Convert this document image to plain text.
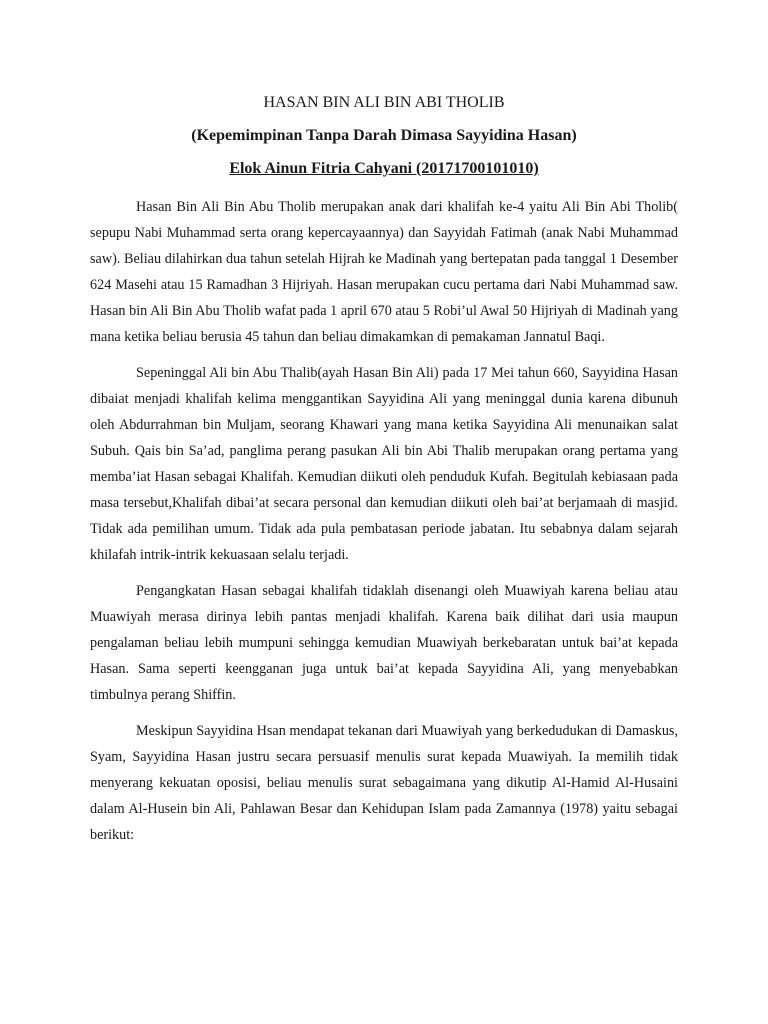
HASAN BIN ALI BIN ABI THOLIB

(Kepemimpinan Tanpa Darah Dimasa Sayyidina Hasan)

Elok Ainun Fitria Cahyani (20171700101010)

Hasan Bin Ali Bin Abu Tholib merupakan anak dari khalifah ke-4 yaitu Ali Bin Abi Tholib( sepupu Nabi Muhammad serta orang kepercayaannya) dan Sayyidah Fatimah (anak Nabi Muhammad saw). Beliau dilahirkan dua tahun setelah Hijrah ke Madinah yang bertepatan pada tanggal 1 Desember 624 Masehi atau 15 Ramadhan 3 Hijriyah. Hasan merupakan cucu pertama dari Nabi Muhammad saw. Hasan bin Ali Bin Abu Tholib wafat pada 1 april 670 atau 5 Robi’ul Awal 50 Hijriyah di Madinah yang mana ketika beliau berusia 45 tahun dan beliau dimakamkan di pemakaman Jannatul Baqi.

Sepeninggal Ali bin Abu Thalib(ayah Hasan Bin Ali) pada 17 Mei tahun 660, Sayyidina Hasan dibaiat menjadi khalifah kelima menggantikan Sayyidina Ali yang meninggal dunia karena dibunuh oleh Abdurrahman bin Muljam, seorang Khawari yang mana ketika Sayyidina Ali menunaikan salat Subuh. Qais bin Sa’ad, panglima perang pasukan Ali bin Abi Thalib merupakan orang pertama yang memba’iat Hasan sebagai Khalifah. Kemudian diikuti oleh penduduk Kufah. Begitulah kebiasaan pada masa tersebut,Khalifah dibai’at secara personal dan kemudian diikuti oleh bai’at berjamaah di masjid. Tidak ada pemilihan umum. Tidak ada pula pembatasan periode jabatan. Itu sebabnya dalam sejarah khilafah intrik-intrik kekuasaan selalu terjadi.

Pengangkatan Hasan sebagai khalifah tidaklah disenangi oleh Muawiyah karena beliau atau Muawiyah merasa dirinya lebih pantas menjadi khalifah. Karena baik dilihat dari usia maupun pengalaman beliau lebih mumpuni sehingga kemudian Muawiyah berkebaratan untuk bai’at kepada Hasan. Sama seperti keengganan juga untuk bai’at kepada Sayyidina Ali, yang menyebabkan timbulnya perang Shiffin.

Meskipun Sayyidina Hsan mendapat tekanan dari Muawiyah yang berkedudukan di Damaskus, Syam, Sayyidina Hasan justru secara persuasif menulis surat kepada Muawiyah. Ia memilih tidak menyerang kekuatan oposisi, beliau menulis surat sebagaimana yang dikutip Al-Hamid Al-Husaini dalam Al-Husein bin Ali, Pahlawan Besar dan Kehidupan Islam pada Zamannya (1978) yaitu sebagai berikut:
